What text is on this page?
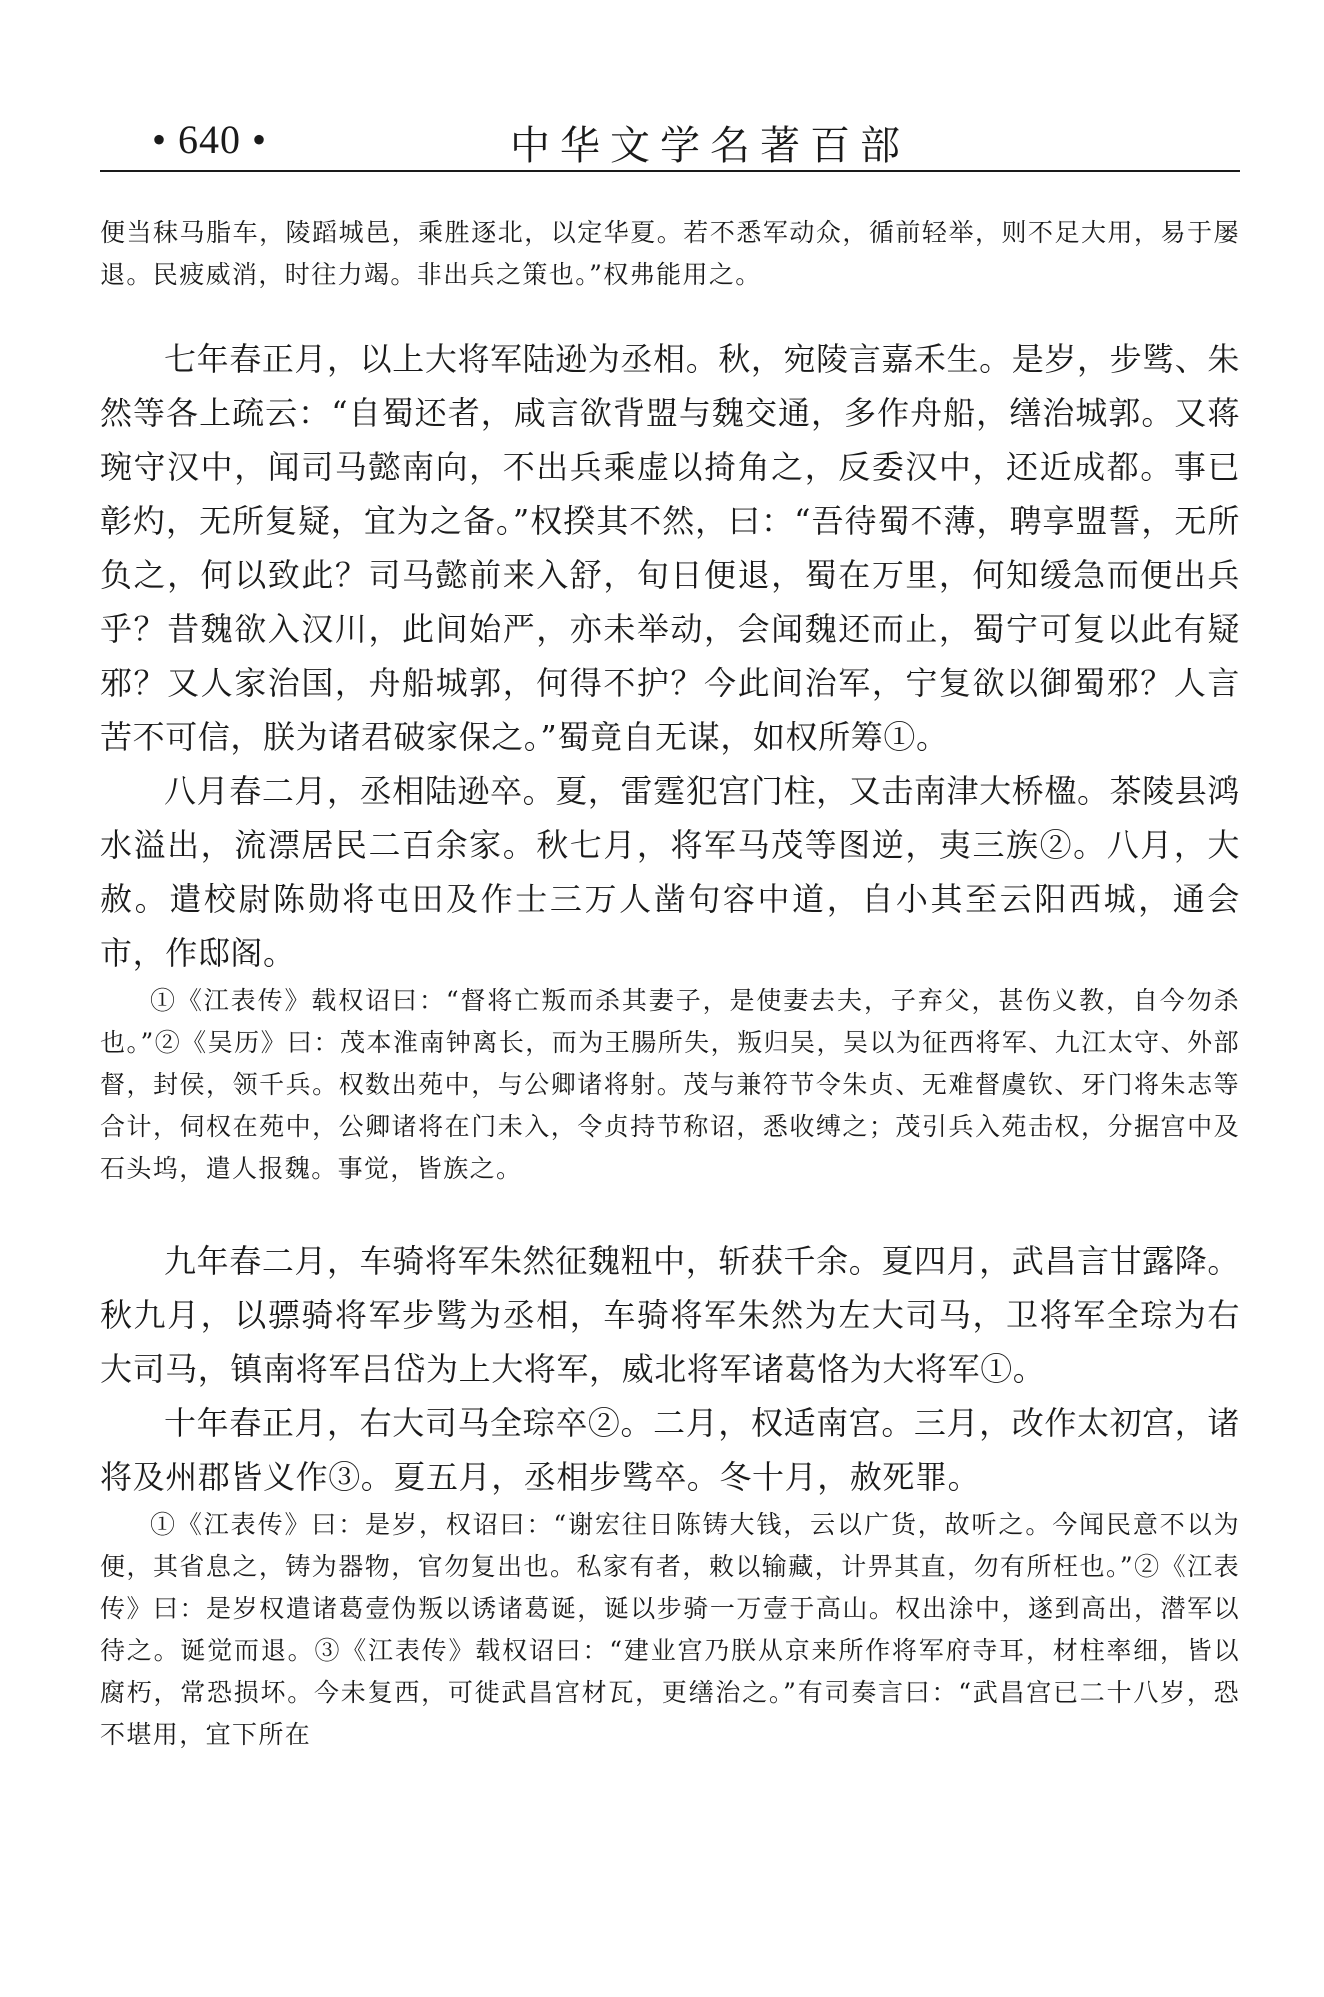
• 640 •	中华文学名著百部

便当秣马脂车，陵蹈城邑，乘胜逐北，以定华夏。若不悉军动众，循前轻举，则不足大用，易于屡退。民疲威消，时往力竭。非出兵之策也。”权弗能用之。

七年春正月，以上大将军陆逊为丞相。秋，宛陵言嘉禾生。是岁，步骘、朱然等各上疏云：“自蜀还者，咸言欲背盟与魏交通，多作舟船，缮治城郭。又蒋琬守汉中，闻司马懿南向，不出兵乘虚以掎角之，反委汉中，还近成都。事已彰灼，无所复疑，宜为之备。”权揆其不然，曰：“吾待蜀不薄，聘享盟誓，无所负之，何以致此？司马懿前来入舒，旬日便退，蜀在万里，何知缓急而便出兵乎？昔魏欲入汉川，此间始严，亦未举动，会闻魏还而止，蜀宁可复以此有疑邪？又人家治国，舟船城郭，何得不护？今此间治军，宁复欲以御蜀邪？人言苦不可信，朕为诸君破家保之。”蜀竟自无谋，如权所筹①。

八月春二月，丞相陆逊卒。夏，雷霆犯宫门柱，又击南津大桥楹。茶陵县鸿水溢出，流漂居民二百余家。秋七月，将军马茂等图逆，夷三族②。八月，大赦。遣校尉陈勋将屯田及作士三万人凿句容中道，自小其至云阳西城，通会市，作邸阁。

①《江表传》载权诏曰：“督将亡叛而杀其妻子，是使妻去夫，子弃父，甚伤义教，自今勿杀也。”②《吴历》曰：茂本淮南钟离长，而为王腸所失，叛归吴，吴以为征西将军、九江太守、外部督，封侯，领千兵。权数出苑中，与公卿诸将射。茂与兼符节令朱贞、无难督虞钦、牙门将朱志等合计，伺权在苑中，公卿诸将在门未入，令贞持节称诏，悉收缚之；茂引兵入苑击权，分据宫中及石头坞，遣人报魏。事觉，皆族之。

九年春二月，车骑将军朱然征魏粈中，斩获千余。夏四月，武昌言甘露降。秋九月，以骠骑将军步骘为丞相，车骑将军朱然为左大司马，卫将军全琮为右大司马，镇南将军吕岱为上大将军，威北将军诸葛恪为大将军①。

十年春正月，右大司马全琮卒②。二月，权适南宫。三月，改作太初宫，诸将及州郡皆义作③。夏五月，丞相步骘卒。冬十月，赦死罪。

①《江表传》曰：是岁，权诏曰：“谢宏往日陈铸大钱，云以广货，故听之。今闻民意不以为便，其省息之，铸为器物，官勿复出也。私家有者，敕以输藏，计畀其直，勿有所枉也。”②《江表传》曰：是岁权遣诸葛壹伪叛以诱诸葛诞，诞以步骑一万壹于高山。权出涂中，遂到高出，潜军以待之。诞觉而退。③《江表传》载权诏曰：“建业宫乃朕从京来所作将军府寺耳，材柱率细，皆以腐朽，常恐损坏。今未复西，可徙武昌宫材瓦，更缮治之。”有司奏言曰：“武昌宫已二十八岁，恐不堪用，宜下所在
